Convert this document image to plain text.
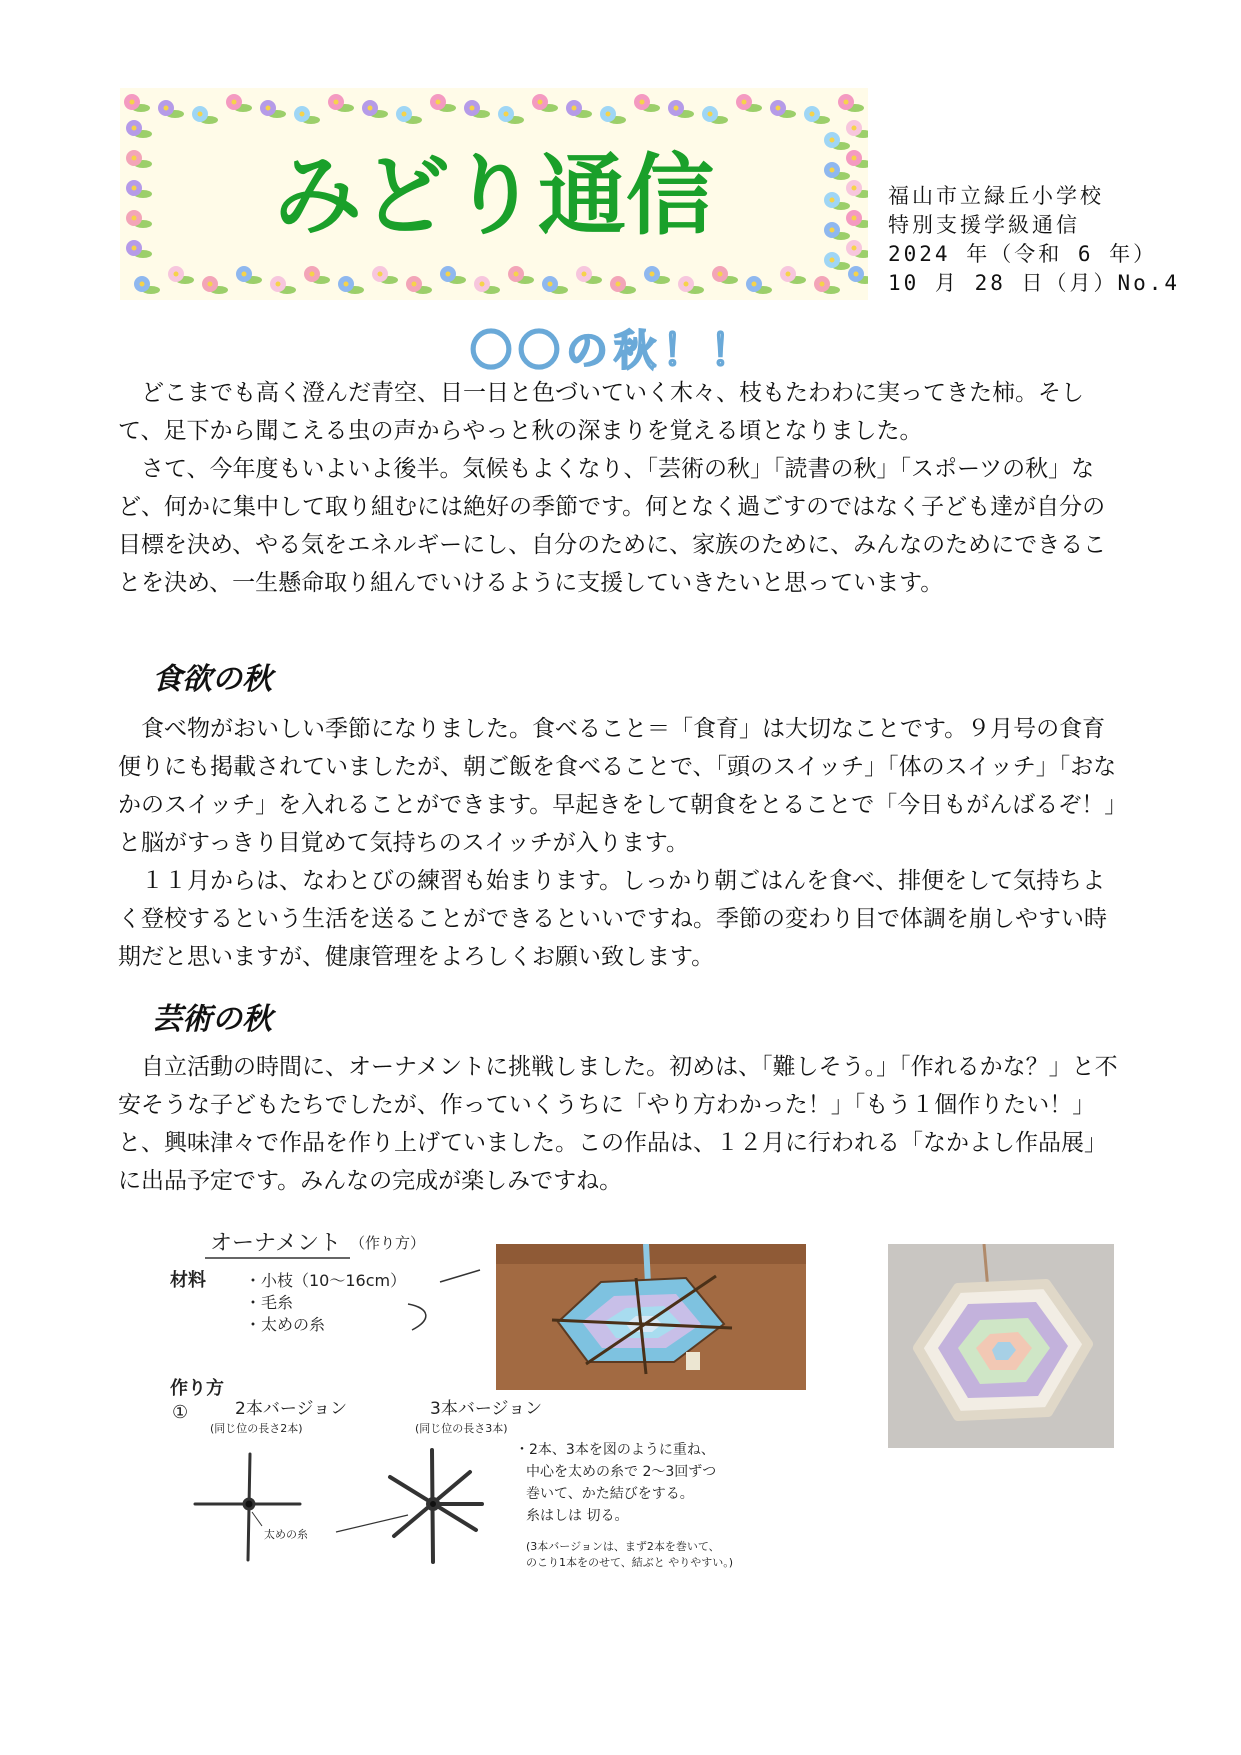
みどり通信	福山市立緑丘小学校
特別支援学級通信
2024 年（令和 6 年）
10 月 28 日（月）No.4
〇〇の秋！！

どこまでも高く澄んだ青空、日一日と色づいていく木々、枝もたわわに実ってきた柿。そして、足下から聞こえる虫の声からやっと秋の深まりを覚える頃となりました。

さて、今年度もいよいよ後半。気候もよくなり、「芸術の秋」「読書の秋」「スポーツの秋」など、何かに集中して取り組むには絶好の季節です。何となく過ごすのではなく子ども達が自分の目標を決め、やる気をエネルギーにし、自分のために、家族のために、みんなのためにできることを決め、一生懸命取り組んでいけるように支援していきたいと思っています。

食欲の秋

食べ物がおいしい季節になりました。食べること＝「食育」は大切なことです。９月号の食育便りにも掲載されていましたが、朝ご飯を食べることで、「頭のスイッチ」「体のスイッチ」「おなかのスイッチ」を入れることができます。早起きをして朝食をとることで「今日もがんばるぞ！」と脳がすっきり目覚めて気持ちのスイッチが入ります。

１１月からは、なわとびの練習も始まります。しっかり朝ごはんを食べ、排便をして気持ちよく登校するという生活を送ることができるといいですね。季節の変わり目で体調を崩しやすい時期だと思いますが、健康管理をよろしくお願い致します。

芸術の秋

自立活動の時間に、オーナメントに挑戦しました。初めは、「難しそう。」「作れるかな？」と不安そうな子どもたちでしたが、作っていくうちに「やり方わかった！」「もう１個作りたい！」と、興味津々で作品を作り上げていました。この作品は、１２月に行われる「なかよし作品展」に出品予定です。みんなの完成が楽しみですね。

オーナメント （作り方）
材料 ・小枝（10～16cm）
・毛糸
・太めの糸
作り方
①	2本バージョン
(同じ位の長さ2本)
3本バージョン
(同じ位の長さ3本)
太めの糸
・2本、3本を図のように重ね、
中心を太めの糸で 2～3回ずつ
巻いて、かた結びをする。
糸はしは 切る。
(3本バージョンは、まず2本を巻いて、
のこり1本をのせて、結ぶと やりやすい。)
